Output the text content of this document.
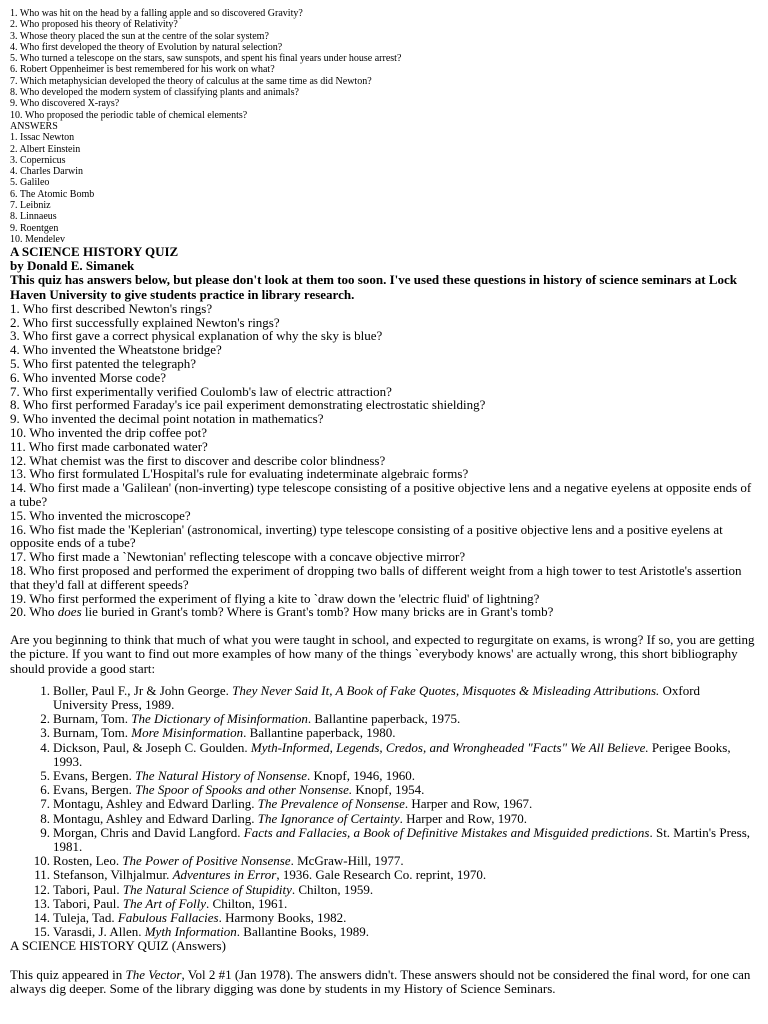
1. Who was hit on the head by a falling apple and so discovered Gravity?
2. Who proposed his theory of Relativity?
3. Whose theory placed the sun at the centre of the solar system?
4. Who first developed the theory of Evolution by natural selection?
5. Who turned a telescope on the stars, saw sunspots, and spent his final years under house arrest?
6. Robert Oppenheimer is best remembered for his work on what?
7. Which metaphysician developed the theory of calculus at the same time as did Newton?
8. Who developed the modern system of classifying plants and animals?
9. Who discovered X-rays?
10. Who proposed the periodic table of chemical elements?
ANSWERS
1. Issac Newton
2. Albert Einstein
3. Copernicus
4. Charles Darwin
5. Galileo
6. The Atomic Bomb
7. Leibniz
8. Linnaeus
9. Roentgen
10. Mendelev
A SCIENCE HISTORY QUIZ
by Donald E. Simanek
This quiz has answers below, but please don't look at them too soon. I've used these questions in history of science seminars at Lock Haven University to give students practice in library research.
1. Who first described Newton's rings?
2. Who first successfully explained Newton's rings?
3. Who first gave a correct physical explanation of why the sky is blue?
4. Who invented the Wheatstone bridge?
5. Who first patented the telegraph?
6. Who invented Morse code?
7. Who first experimentally verified Coulomb's law of electric attraction?
8. Who first performed Faraday's ice pail experiment demonstrating electrostatic shielding?
9. Who invented the decimal point notation in mathematics?
10. Who invented the drip coffee pot?
11. Who first made carbonated water?
12. What chemist was the first to discover and describe color blindness?
13. Who first formulated L'Hospital's rule for evaluating indeterminate algebraic forms?
14. Who first made a 'Galilean' (non-inverting) type telescope consisting of a positive objective lens and a negative eyelens at opposite ends of a tube?
15. Who invented the microscope?
16. Who fist made the 'Keplerian' (astronomical, inverting) type telescope consisting of a positive objective lens and a positive eyelens at opposite ends of a tube?
17. Who first made a `Newtonian' reflecting telescope with a concave objective mirror?
18. Who first proposed and performed the experiment of dropping two balls of different weight from a high tower to test Aristotle's assertion that they'd fall at different speeds?
19. Who first performed the experiment of flying a kite to `draw down the 'electric fluid' of lightning?
20. Who does lie buried in Grant's tomb? Where is Grant's tomb? How many bricks are in Grant's tomb?
Are you beginning to think that much of what you were taught in school, and expected to regurgitate on exams, is wrong? If so, you are getting the picture. If you want to find out more examples of how many of the things `everybody knows' are actually wrong, this short bibliography should provide a good start:
1. Boller, Paul F., Jr & John George. They Never Said It, A Book of Fake Quotes, Misquotes & Misleading Attributions. Oxford University Press, 1989.
2. Burnam, Tom. The Dictionary of Misinformation. Ballantine paperback, 1975.
3. Burnam, Tom. More Misinformation. Ballantine paperback, 1980.
4. Dickson, Paul, & Joseph C. Goulden. Myth-Informed, Legends, Credos, and Wrongheaded "Facts" We All Believe. Perigee Books, 1993.
5. Evans, Bergen. The Natural History of Nonsense. Knopf, 1946, 1960.
6. Evans, Bergen. The Spoor of Spooks and other Nonsense. Knopf, 1954.
7. Montagu, Ashley and Edward Darling. The Prevalence of Nonsense. Harper and Row, 1967.
8. Montagu, Ashley and Edward Darling. The Ignorance of Certainty. Harper and Row, 1970.
9. Morgan, Chris and David Langford. Facts and Fallacies, a Book of Definitive Mistakes and Misguided predictions. St. Martin's Press, 1981.
10. Rosten, Leo. The Power of Positive Nonsense. McGraw-Hill, 1977.
11. Stefanson, Vilhjalmur. Adventures in Error, 1936. Gale Research Co. reprint, 1970.
12. Tabori, Paul. The Natural Science of Stupidity. Chilton, 1959.
13. Tabori, Paul. The Art of Folly. Chilton, 1961.
14. Tuleja, Tad. Fabulous Fallacies. Harmony Books, 1982.
15. Varasdi, J. Allen. Myth Information. Ballantine Books, 1989.
A SCIENCE HISTORY QUIZ (Answers)
This quiz appeared in The Vector, Vol 2 #1 (Jan 1978). The answers didn't. These answers should not be considered the final word, for one can always dig deeper. Some of the library digging was done by students in my History of Science Seminars.
